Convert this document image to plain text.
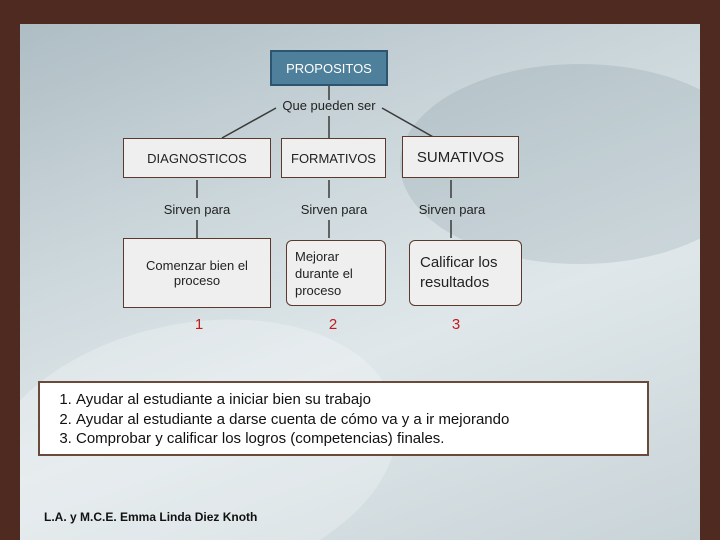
PROPOSITOS
Que pueden ser
DIAGNOSTICOS
Sirven para
Comenzar bien el proceso
1
FORMATIVOS
Sirven para
Mejorar durante el proceso
2
SUMATIVOS
Sirven para
Calificar los resultados
3
1. Ayudar al estudiante a iniciar bien su trabajo
2. Ayudar al estudiante a darse cuenta de cómo va y a ir mejorando
3. Comprobar y calificar los logros (competencias) finales.
L.A. y M.C.E. Emma Linda Diez Knoth
